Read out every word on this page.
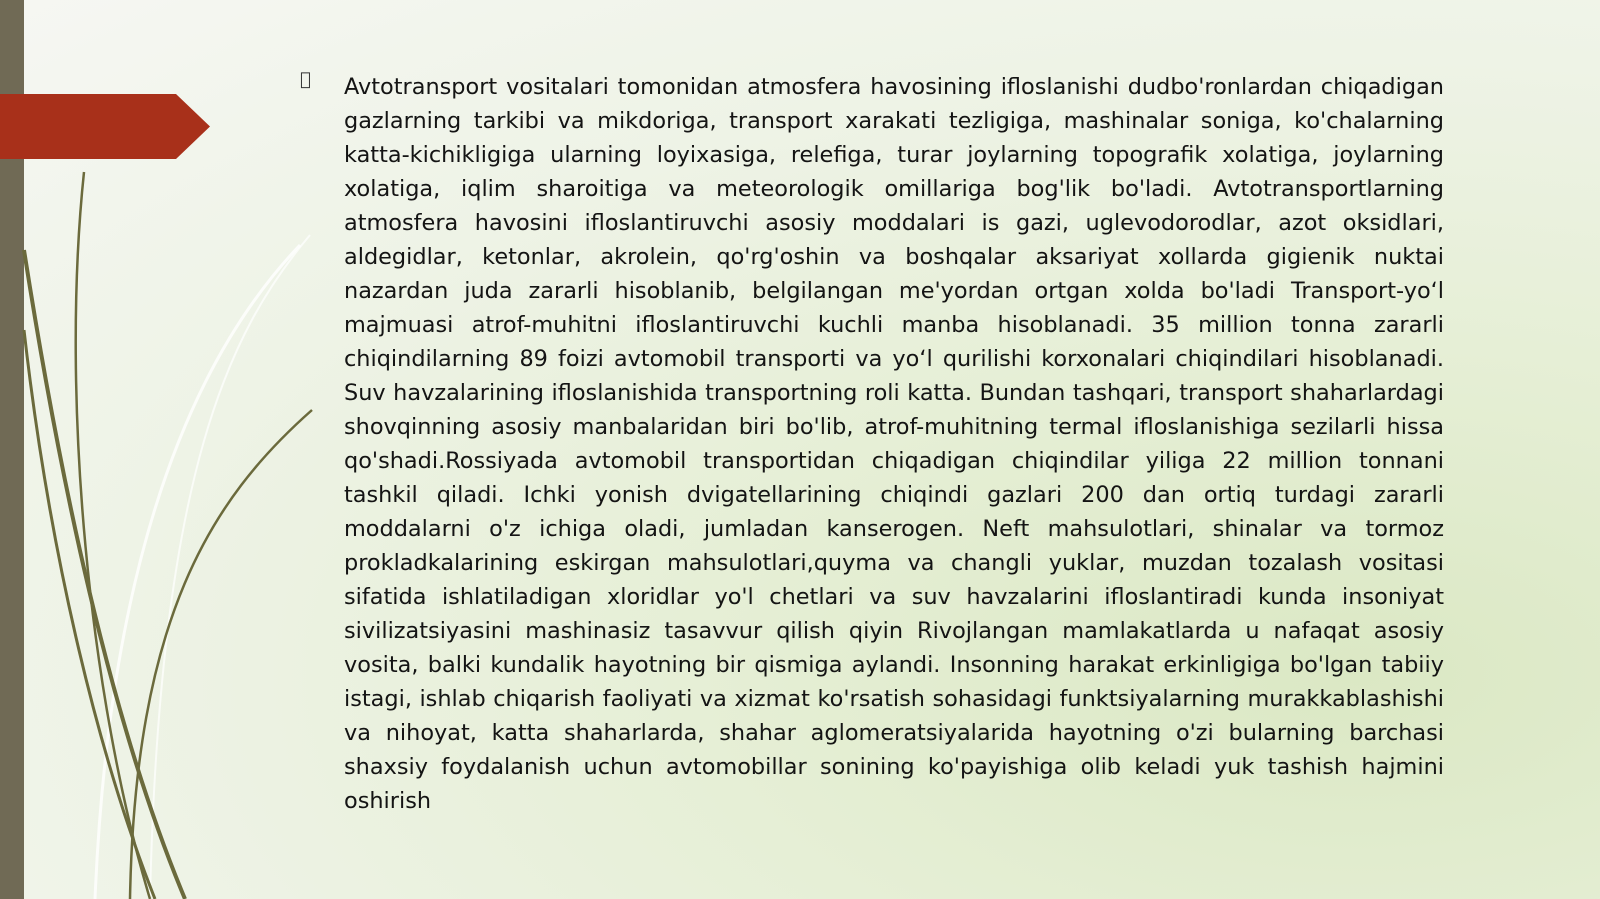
Avtotransport vositalari tomonidan atmosfera havosining ifloslanishi dudbo'ronlardan chiqadigan gazlarning tarkibi va mikdoriga, transport xarakati tezligiga, mashinalar soniga, ko'chalarning katta-kichikligiga ularning loyixasiga, relefiga, turar joylarning topografik xolatiga, joylarning xolatiga, iqlim sharoitiga va meteorologik omillariga bog'lik bo'ladi. Avtotransportlarning atmosfera havosini ifloslantiruvchi asosiy moddalari is gazi, uglevodorodlar, azot oksidlari, aldegidlar, ketonlar, akrolein, qo'rg'oshin va boshqalar aksariyat xollarda gigienik nuktai nazardan juda zararli hisoblanib, belgilangan me'yordan ortgan xolda bo'ladi Transport-yoʻl majmuasi atrof-muhitni ifloslantiruvchi kuchli manba hisoblanadi. 35 million tonna zararli chiqindilarning 89 foizi avtomobil transporti va yoʻl qurilishi korxonalari chiqindilari hisoblanadi. Suv havzalarining ifloslanishida transportning roli katta. Bundan tashqari, transport shaharlardagi shovqinning asosiy manbalaridan biri bo'lib, atrof-muhitning termal ifloslanishiga sezilarli hissa qo'shadi.Rossiyada avtomobil transportidan chiqadigan chiqindilar yiliga 22 million tonnani tashkil qiladi. Ichki yonish dvigatellarining chiqindi gazlari 200 dan ortiq turdagi zararli moddalarni o'z ichiga oladi, jumladan kanserogen. Neft mahsulotlari, shinalar va tormoz prokladkalarining eskirgan mahsulotlari,quyma va changli yuklar, muzdan tozalash vositasi sifatida ishlatiladigan xloridlar yo'l chetlari va suv havzalarini ifloslantiradi kunda insoniyat sivilizatsiyasini mashinasiz tasavvur qilish qiyin Rivojlangan mamlakatlarda u nafaqat asosiy vosita, balki kundalik hayotning bir qismiga aylandi. Insonning harakat erkinligiga bo'lgan tabiiy istagi, ishlab chiqarish faoliyati va xizmat ko'rsatish sohasidagi funktsiyalarning murakkablashishi va nihoyat, katta shaharlarda, shahar aglomeratsiyalarida hayotning o'zi bularning barchasi shaxsiy foydalanish uchun avtomobillar sonining ko'payishiga olib keladi yuk tashish hajmini oshirish
